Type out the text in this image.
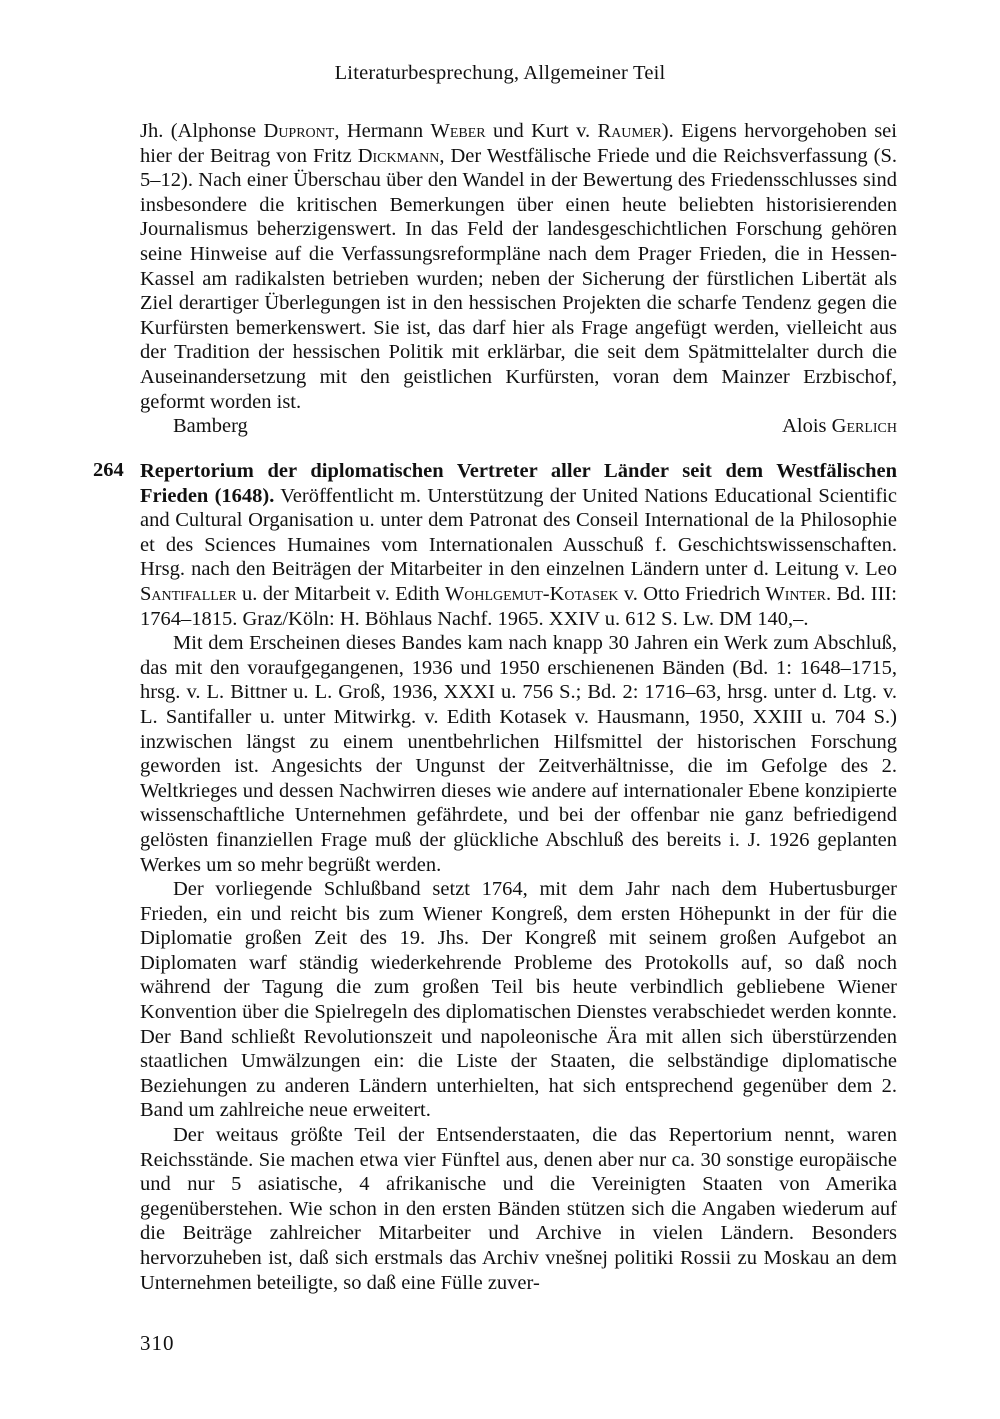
Literaturbesprechung, Allgemeiner Teil
Jh. (Alphonse Dupront, Hermann Weber und Kurt v. Raumer). Eigens hervorgehoben sei hier der Beitrag von Fritz Dickmann, Der Westfälische Friede und die Reichsverfassung (S. 5–12). Nach einer Überschau über den Wandel in der Bewertung des Friedensschlusses sind insbesondere die kritischen Bemerkungen über einen heute beliebten historisierenden Journalismus beherzigenswert. In das Feld der landesgeschichtlichen Forschung gehören seine Hinweise auf die Verfassungsreformpläne nach dem Prager Frieden, die in Hessen-Kassel am radikalsten betrieben wurden; neben der Sicherung der fürstlichen Libertät als Ziel derartiger Überlegungen ist in den hessischen Projekten die scharfe Tendenz gegen die Kurfürsten bemerkenswert. Sie ist, das darf hier als Frage angefügt werden, vielleicht aus der Tradition der hessischen Politik mit erklärbar, die seit dem Spätmittelalter durch die Auseinandersetzung mit den geistlichen Kurfürsten, voran dem Mainzer Erzbischof, geformt worden ist.
Bamberg	Alois Gerlich
264 Repertorium der diplomatischen Vertreter aller Länder seit dem Westfälischen Frieden (1648). Veröffentlicht m. Unterstützung der United Nations Educational Scientific and Cultural Organisation u. unter dem Patronat des Conseil International de la Philosophie et des Sciences Humaines vom Internationalen Ausschuß f. Geschichtswissenschaften. Hrsg. nach den Beiträgen der Mitarbeiter in den einzelnen Ländern unter d. Leitung v. Leo Santifaller u. der Mitarbeit v. Edith Wohlgemut-Kotasek v. Otto Friedrich Winter. Bd. III: 1764–1815. Graz/Köln: H. Böhlaus Nachf. 1965. XXIV u. 612 S. Lw. DM 140,–.
Mit dem Erscheinen dieses Bandes kam nach knapp 30 Jahren ein Werk zum Abschluß, das mit den voraufgegangenen, 1936 und 1950 erschienenen Bänden (Bd. 1: 1648–1715, hrsg. v. L. Bittner u. L. Groß, 1936, XXXI u. 756 S.; Bd. 2: 1716–63, hrsg. unter d. Ltg. v. L. Santifaller u. unter Mitwirkg. v. Edith Kotasek v. Hausmann, 1950, XXIII u. 704 S.) inzwischen längst zu einem unentbehrlichen Hilfsmittel der historischen Forschung geworden ist. Angesichts der Ungunst der Zeitverhältnisse, die im Gefolge des 2. Weltkrieges und dessen Nachwirren dieses wie andere auf internationaler Ebene konzipierte wissenschaftliche Unternehmen gefährdete, und bei der offenbar nie ganz befriedigend gelösten finanziellen Frage muß der glückliche Abschluß des bereits i. J. 1926 geplanten Werkes um so mehr begrüßt werden.
Der vorliegende Schlußband setzt 1764, mit dem Jahr nach dem Hubertusburger Frieden, ein und reicht bis zum Wiener Kongreß, dem ersten Höhepunkt in der für die Diplomatie großen Zeit des 19. Jhs. Der Kongreß mit seinem großen Aufgebot an Diplomaten warf ständig wiederkehrende Probleme des Protokolls auf, so daß noch während der Tagung die zum großen Teil bis heute verbindlich gebliebene Wiener Konvention über die Spielregeln des diplomatischen Dienstes verabschiedet werden konnte. Der Band schließt Revolutionszeit und napoleonische Ära mit allen sich überstürzenden staatlichen Umwälzungen ein: die Liste der Staaten, die selbständige diplomatische Beziehungen zu anderen Ländern unterhielten, hat sich entsprechend gegenüber dem 2. Band um zahlreiche neue erweitert.
Der weitaus größte Teil der Entsenderstaaten, die das Repertorium nennt, waren Reichsstände. Sie machen etwa vier Fünftel aus, denen aber nur ca. 30 sonstige europäische und nur 5 asiatische, 4 afrikanische und die Vereinigten Staaten von Amerika gegenüberstehen. Wie schon in den ersten Bänden stützen sich die Angaben wiederum auf die Beiträge zahlreicher Mitarbeiter und Archive in vielen Ländern. Besonders hervorzuheben ist, daß sich erstmals das Archiv vnešnej politiki Rossii zu Moskau an dem Unternehmen beteiligte, so daß eine Fülle zuver-
310
